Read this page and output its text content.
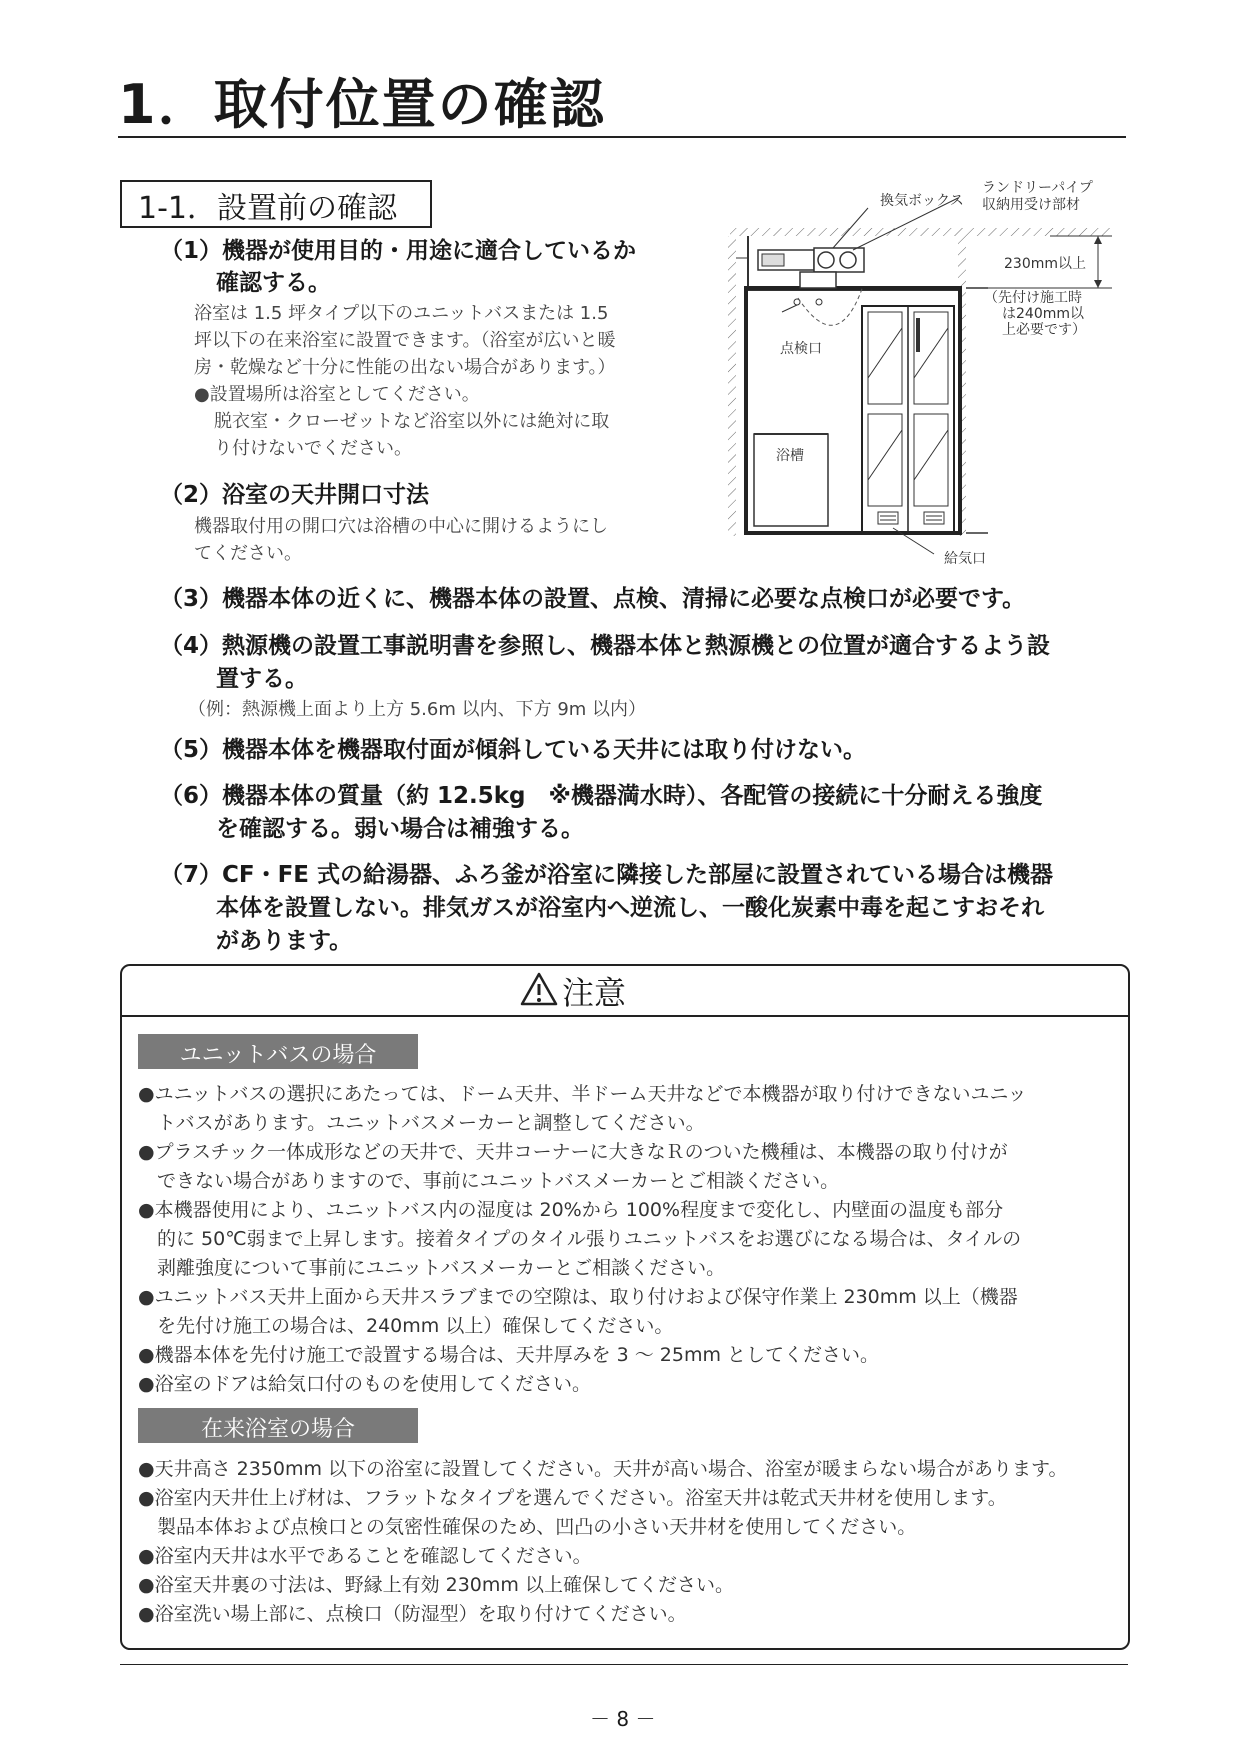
1．取付位置の確認
1-1．設置前の確認
（1）機器が使用目的・用途に適合しているか
確認する。
浴室は 1.5 坪タイプ以下のユニットバスまたは 1.5
坪以下の在来浴室に設置できます。（浴室が広いと暖
房・乾燥など十分に性能の出ない場合があります。）
●設置場所は浴室としてください。
脱衣室・クローゼットなど浴室以外には絶対に取
り付けないでください。
（2）浴室の天井開口寸法
機器取付用の開口穴は浴槽の中心に開けるようにし
てください。
換気ボックス
ランドリーパイプ
収納用受け部材
230mm以上
（先付け施工時
は240mm以
上必要です）
点検口
浴槽
給気口
（3）機器本体の近くに、機器本体の設置、点検、清掃に必要な点検口が必要です。
（4）熱源機の設置工事説明書を参照し、機器本体と熱源機との位置が適合するよう設
置する。
（例：熱源機上面より上方 5.6m 以内、下方 9m 以内）
（5）機器本体を機器取付面が傾斜している天井には取り付けない。
（6）機器本体の質量（約 12.5kg　※機器満水時）、各配管の接続に十分耐える強度
を確認する。弱い場合は補強する。
（7）CF・FE 式の給湯器、ふろ釜が浴室に隣接した部屋に設置されている場合は機器
本体を設置しない。排気ガスが浴室内へ逆流し、一酸化炭素中毒を起こすおそれ
があります。
注意
ユニットバスの場合
●ユニットバスの選択にあたっては、ドーム天井、半ドーム天井などで本機器が取り付けできないユニッ
　トバスがあります。ユニットバスメーカーと調整してください。
●プラスチック一体成形などの天井で、天井コーナーに大きなＲのついた機種は、本機器の取り付けが
　できない場合がありますので、事前にユニットバスメーカーとご相談ください。
●本機器使用により、ユニットバス内の湿度は 20%から 100%程度まで変化し、内壁面の温度も部分
　的に 50℃弱まで上昇します。接着タイプのタイル張りユニットバスをお選びになる場合は、タイルの
　剥離強度について事前にユニットバスメーカーとご相談ください。
●ユニットバス天井上面から天井スラブまでの空隙は、取り付けおよび保守作業上 230mm 以上（機器
　を先付け施工の場合は、240mm 以上）確保してください。
●機器本体を先付け施工で設置する場合は、天井厚みを 3 ～ 25mm としてください。
●浴室のドアは給気口付のものを使用してください。
在来浴室の場合
●天井高さ 2350mm 以下の浴室に設置してください。天井が高い場合、浴室が暖まらない場合があります。
●浴室内天井仕上げ材は、フラットなタイプを選んでください。浴室天井は乾式天井材を使用します。
　製品本体および点検口との気密性確保のため、凹凸の小さい天井材を使用してください。
●浴室内天井は水平であることを確認してください。
●浴室天井裏の寸法は、野縁上有効 230mm 以上確保してください。
●浴室洗い場上部に、点検口（防湿型）を取り付けてください。
－ 8 －
